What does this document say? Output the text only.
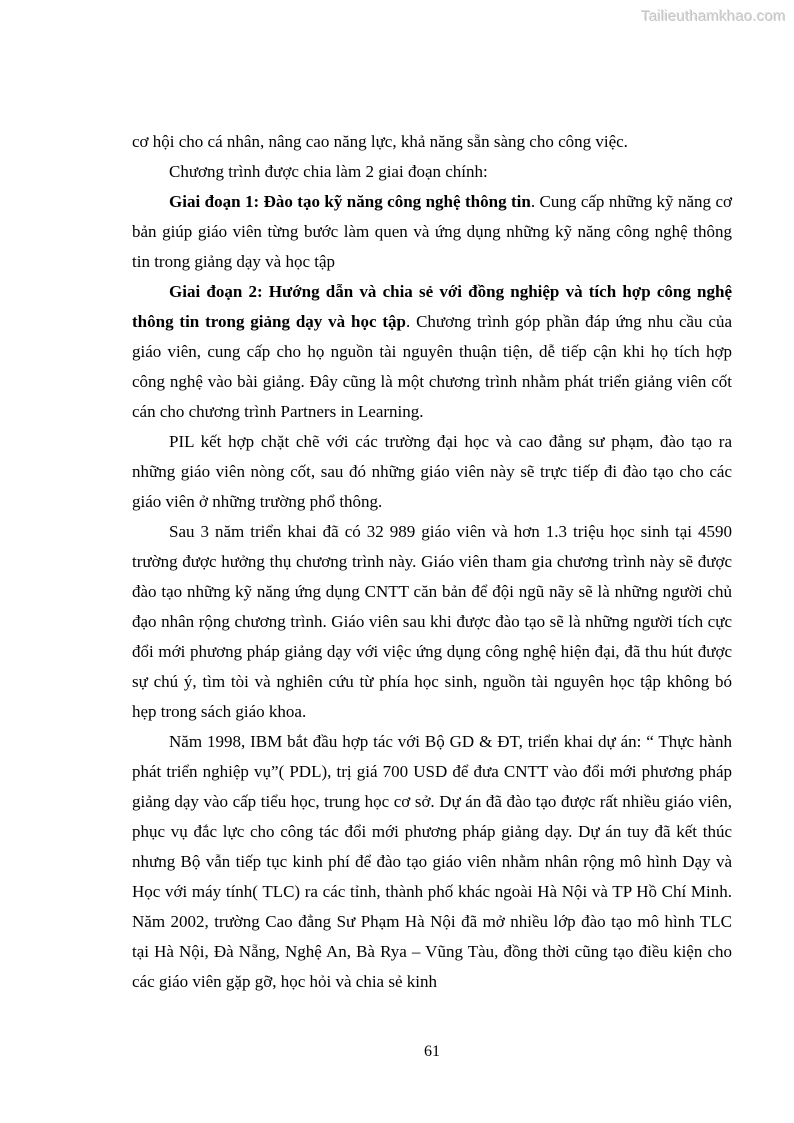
Tailieuthamkhao.com

cơ hội cho cá nhân, nâng cao năng lực, khả năng sẵn sàng cho công việc.

Chương trình được chia làm 2 giai đoạn chính:

Giai đoạn 1: Đào tạo kỹ năng công nghệ thông tin. Cung cấp những kỹ năng cơ bản giúp giáo viên từng bước làm quen và ứng dụng những kỹ năng công nghệ thông tin trong giảng dạy và học tập

Giai đoạn 2: Hướng dẫn và chia sẻ với đồng nghiệp và tích hợp công nghệ thông tin trong giảng dạy và học tập. Chương trình góp phần đáp ứng nhu cầu của giáo viên, cung cấp cho họ nguồn tài nguyên thuận tiện, dễ tiếp cận khi họ tích hợp công nghệ vào bài giảng. Đây cũng là một chương trình nhằm phát triển giảng viên cốt cán cho chương trình Partners in Learning.

PIL kết hợp chặt chẽ với các trường đại học và cao đẳng sư phạm, đào tạo ra những giáo viên nòng cốt, sau đó những giáo viên này sẽ trực tiếp đi đào tạo cho các giáo viên ở những trường phổ thông.

Sau 3 năm triển khai đã có 32 989 giáo viên và hơn 1.3 triệu học sinh tại 4590 trường được hưởng thụ chương trình này. Giáo viên tham gia chương trình này sẽ được đào tạo những kỹ năng ứng dụng CNTT căn bản để đội ngũ nãy sẽ là những người chủ đạo nhân rộng chương trình. Giáo viên sau khi được đào tạo sẽ là những người tích cực đổi mới phương pháp giảng dạy với việc ứng dụng công nghệ hiện đại, đã thu hút được sự chú ý, tìm tòi và nghiên cứu từ phía học sinh, nguồn tài nguyên học tập không bó hẹp trong sách giáo khoa.

Năm 1998, IBM bắt đầu hợp tác với Bộ GD & ĐT, triển khai dự án: “ Thực hành phát triển nghiệp vụ”( PDL), trị giá 700 USD để đưa CNTT vào đổi mới phương pháp giảng dạy vào cấp tiểu học, trung học cơ sở. Dự án đã đào tạo được rất nhiều giáo viên, phục vụ đắc lực cho công tác đổi mới phương pháp giảng dạy. Dự án tuy đã kết thúc nhưng Bộ vẫn tiếp tục kinh phí để đào tạo giáo viên nhằm nhân rộng mô hình Dạy và Học với máy tính( TLC) ra các tỉnh, thành phố khác ngoài Hà Nội và TP Hồ Chí Minh. Năm 2002, trường Cao đẳng Sư Phạm Hà Nội đã mở nhiều lớp đào tạo mô hình TLC tại Hà Nội, Đà Nẵng, Nghệ An, Bà Rya – Vũng Tàu, đồng thời cũng tạo điều kiện cho các giáo viên gặp gỡ, học hỏi và chia sẻ kinh

61
